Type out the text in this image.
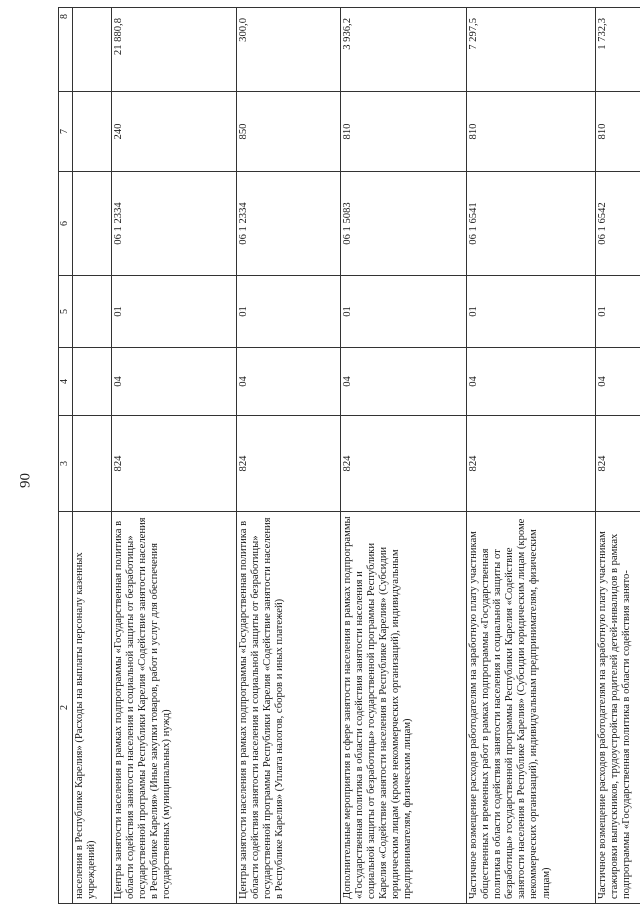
90
2	3	4	5	6	7	8

населения в Республике Карелия» (Расходы на выплаты персоналу казенных учреждений)						

Центры занятости населения в рамках подпрограммы «Государственная политика в области содействия занятости населения и социальной защиты от безработицы» государственной программы Республики Карелия «Содействие занятости населения в Республике Карелия» (Иные закупки товаров, работ и услуг для обеспечения государственных (муниципальных) нужд)	824	04	01	06 1 2334	240	21 880,8

Центры занятости населения в рамках подпрограммы «Государственная политика в области содействия занятости населения и социальной защиты от безработицы» государственной программы Республики Карелия «Содействие занятости населения в Республике Карелия» (Уплата налогов, сборов и иных платежей)	824	04	01	06 1 2334	850	300,0

Дополнительные мероприятия в сфере занятости населения в рамках подпрограммы «Государственная политика в области содействия занятости населения и социальной защиты от безработицы» государственной программы Республики Карелия «Содействие занятости населения в Республике Карелия» (Субсидии юридическим лицам (кроме некоммерческих организаций), индивидуальным предпринимателям, физическим лицам)	824	04	01	06 1 5083	810	3 936,2

Частичное возмещение расходов работодателям на заработную плату участникам общественных и временных работ в рамках подпрограммы «Государственная политика в области содействия занятости населения и социальной защиты от безработицы» государственной программы Республики Карелия «Содействие занятости населения в Республике Карелия» (Субсидии юридическим лицам (кроме некоммерческих организаций), индивидуальным предпринимателям, физическим лицам)	824	04	01	06 1 6541	810	7 297,5

Частичное возмещение расходов работодателям на заработную плату участникам стажировки выпускников, трудоустройства родителей детей-инвалидов в рамках подпрограммы «Государственная политика в области содействия занято-	824	04	01	06 1 6542	810	1 732,3
